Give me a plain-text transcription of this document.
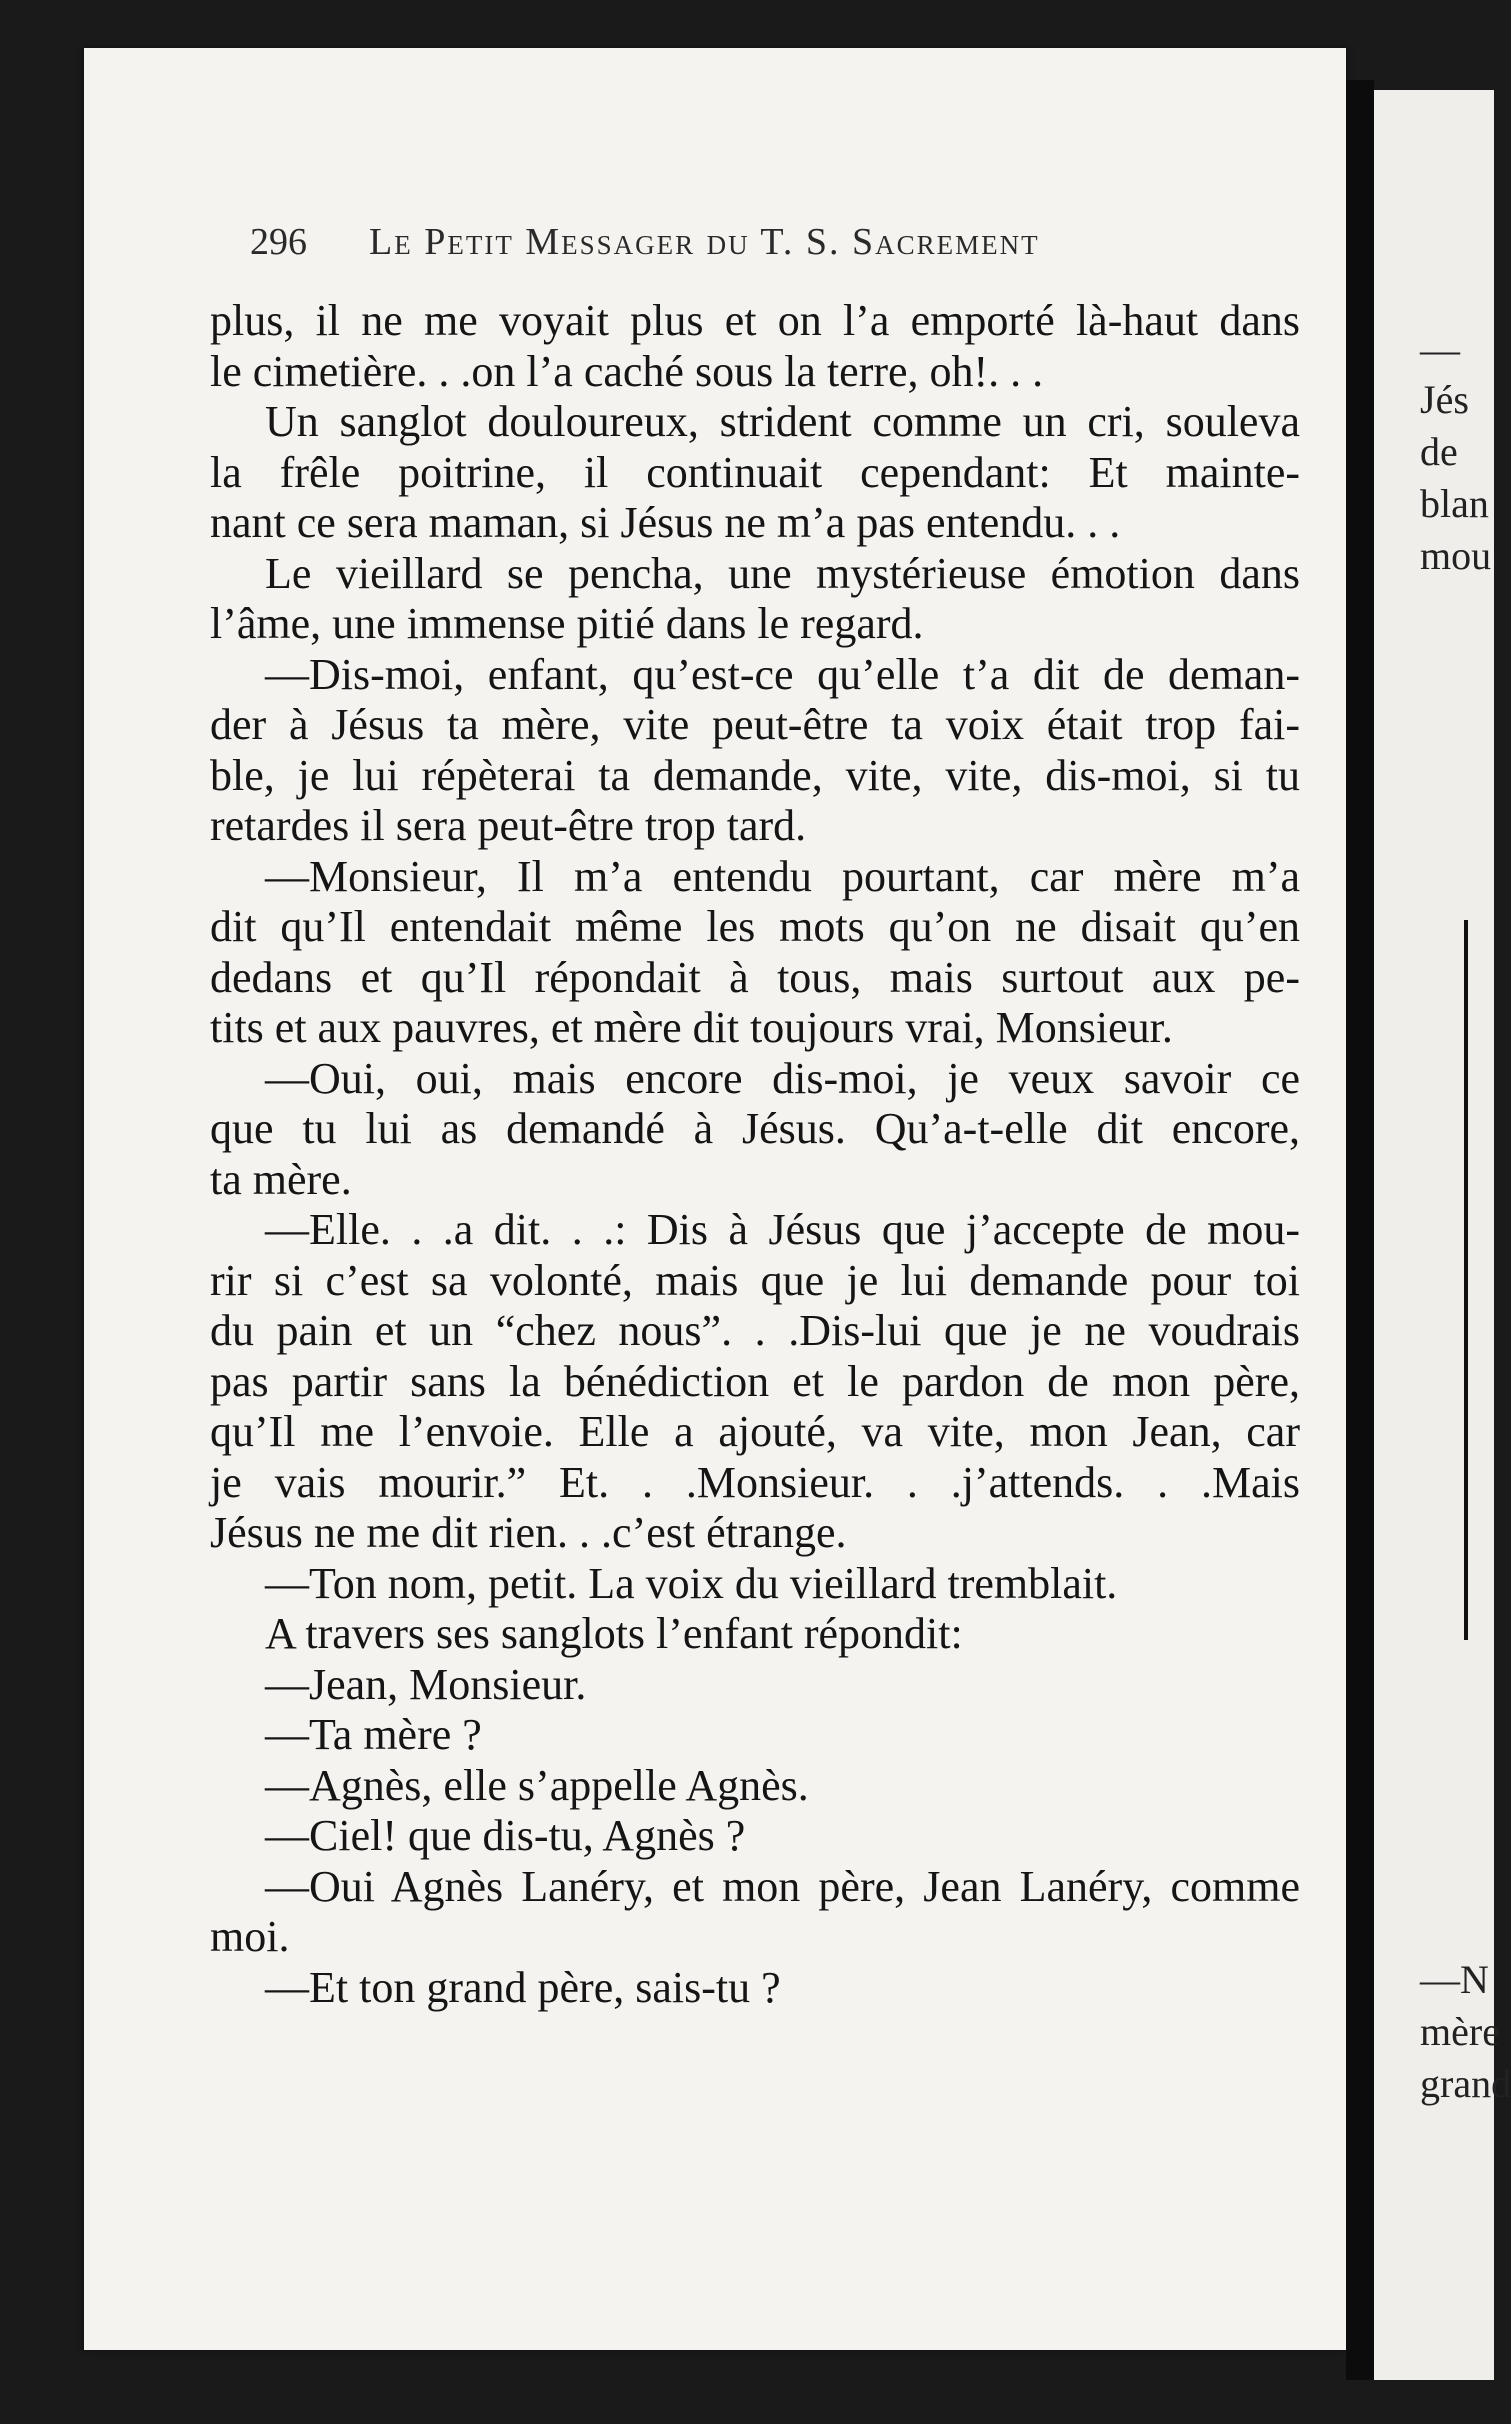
—
Jés
de
blan
mou
—N
mère
grand
296 Le Petit Messager du T. S. Sacrement
plus, il ne me voyait plus et on l’a emporté là-haut dans
le cimetière. . .on l’a caché sous la terre, oh!. . .
Un sanglot douloureux, strident comme un cri, souleva
la frêle poitrine, il continuait cependant: Et mainte-
nant ce sera maman, si Jésus ne m’a pas entendu. . .
Le vieillard se pencha, une mystérieuse émotion dans
l’âme, une immense pitié dans le regard.
—Dis-moi, enfant, qu’est-ce qu’elle t’a dit de deman-
der à Jésus ta mère, vite peut-être ta voix était trop fai-
ble, je lui répèterai ta demande, vite, vite, dis-moi, si tu
retardes il sera peut-être trop tard.
—Monsieur, Il m’a entendu pourtant, car mère m’a
dit qu’Il entendait même les mots qu’on ne disait qu’en
dedans et qu’Il répondait à tous, mais surtout aux pe-
tits et aux pauvres, et mère dit toujours vrai, Monsieur.
—Oui, oui, mais encore dis-moi, je veux savoir ce
que tu lui as demandé à Jésus. Qu’a-t-elle dit encore,
ta mère.
—Elle. . .a dit. . .: Dis à Jésus que j’accepte de mou-
rir si c’est sa volonté, mais que je lui demande pour toi
du pain et un “chez nous”. . .Dis-lui que je ne voudrais
pas partir sans la bénédiction et le pardon de mon père,
qu’Il me l’envoie. Elle a ajouté, va vite, mon Jean, car
je vais mourir.” Et. . .Monsieur. . .j’attends. . .Mais
Jésus ne me dit rien. . .c’est étrange.
—Ton nom, petit. La voix du vieillard tremblait.
A travers ses sanglots l’enfant répondit:
—Jean, Monsieur.
—Ta mère ?
—Agnès, elle s’appelle Agnès.
—Ciel! que dis-tu, Agnès ?
—Oui Agnès Lanéry, et mon père, Jean Lanéry, comme
moi.
—Et ton grand père, sais-tu ?
